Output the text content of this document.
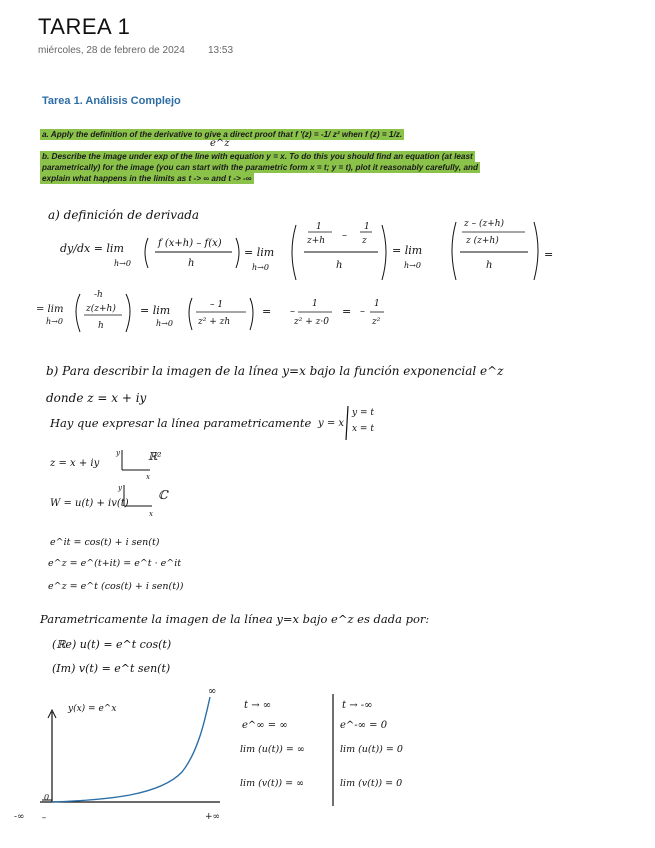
TAREA 1
miércoles, 28 de febrero de 2024 13:53
Tarea 1. Análisis Complejo
a. Apply the definition of the derivative to give a direct proof that f '(z) = -1/ z² when f (z) = 1/z.
b. Describe the image under exp of the line with equation y = x. To do this you should find an equation (at least
parametrically) for the image (you can start with the parametric form x = t; y = t), plot it reasonably carefully, and
explain what happens in the limits as t -> ∞ and t -> -∞
e^z
a) definición de derivada
dy/dx = lim
h→0
f (x+h) – f(x)
h
= lim
h→0
1
z+h –
1
z
h
= lim
h→0
z – (z+h)
z (z+h)
h
=
= lim
h→0
-h
z(z+h)
h
= lim
h→0
– 1
z² + zh
= –
1
z² + z·0
= –
1
z²
y
x
y
x
–
b) Para describir la imagen de la línea y=x bajo la función exponencial e^z
donde z = x + iy
Hay que expresar la línea parametricamente y = x
y = t
x = t
z = x + iy
ℝ²
W = u(t) + iv(t)
ℂ
e^it = cos(t) + i sen(t)
e^z = e^(t+it) = e^t · e^it
e^z = e^t (cos(t) + i sen(t))
Parametricamente la imagen de la línea y=x bajo e^z es dada por:
(ℝe) u(t) = e^t cos(t)
(Im) v(t) = e^t sen(t)
y(x) = e^x
∞
+∞
-∞
0
t → ∞
e^∞ = ∞
lim (u(t)) = ∞
lim (v(t)) = ∞
t → -∞
e^-∞ = 0
lim (u(t)) = 0
lim (v(t)) = 0
